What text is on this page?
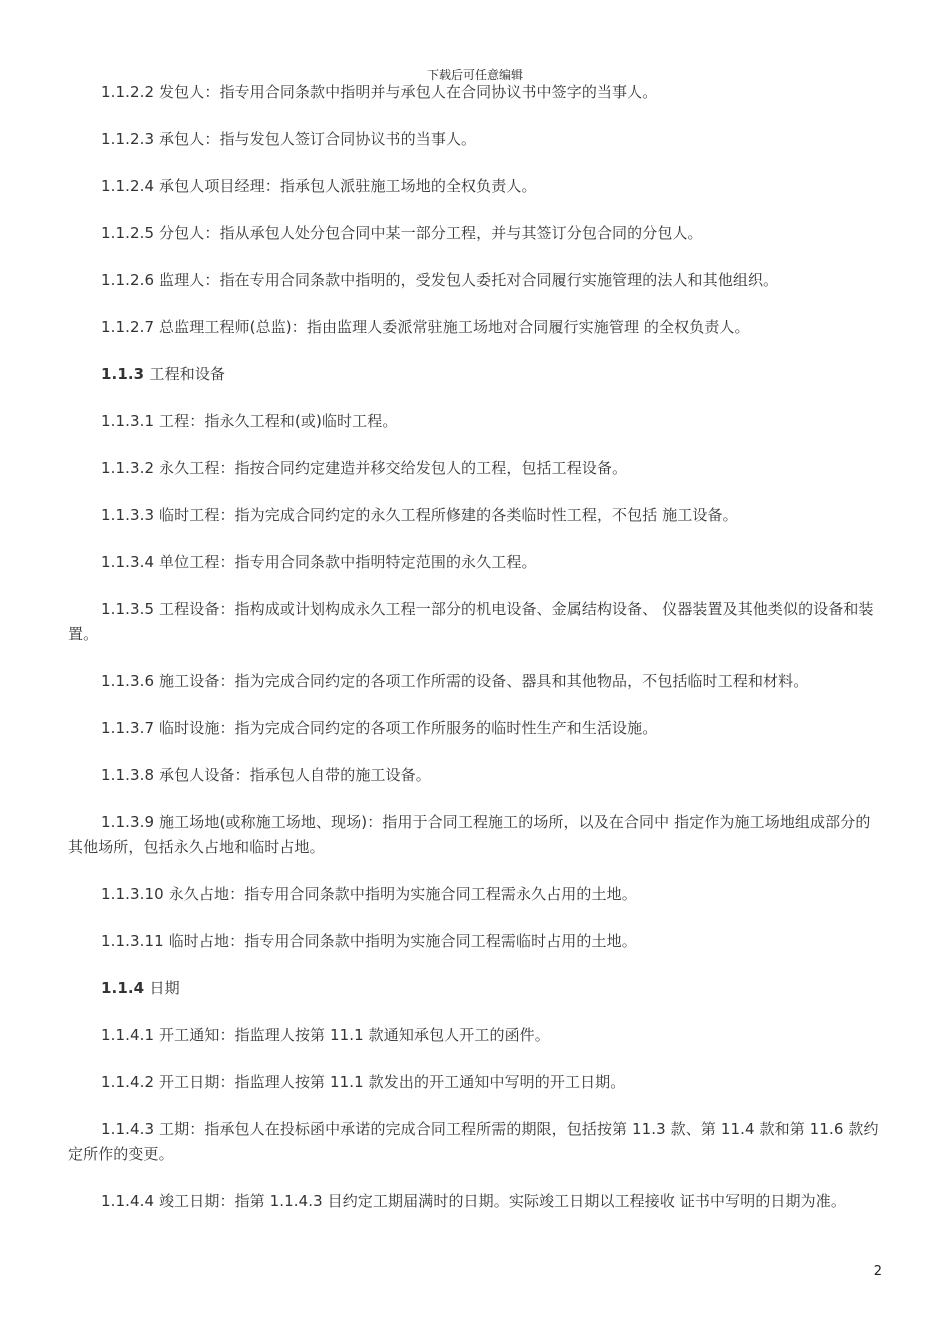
下载后可任意编辑

1.1.2.2 发包人：指专用合同条款中指明并与承包人在合同协议书中签字的当事人。

1.1.2.3 承包人：指与发包人签订合同协议书的当事人。

1.1.2.4 承包人项目经理：指承包人派驻施工场地的全权负责人。

1.1.2.5 分包人：指从承包人处分包合同中某一部分工程，并与其签订分包合同的分包人。

1.1.2.6 监理人：指在专用合同条款中指明的，受发包人委托对合同履行实施管理的法人和其他组织。

1.1.2.7 总监理工程师(总监)：指由监理人委派常驻施工场地对合同履行实施管理 的全权负责人。

1.1.3 工程和设备

1.1.3.1 工程：指永久工程和(或)临时工程。

1.1.3.2 永久工程：指按合同约定建造并移交给发包人的工程，包括工程设备。

1.1.3.3 临时工程：指为完成合同约定的永久工程所修建的各类临时性工程，不包括 施工设备。

1.1.3.4 单位工程：指专用合同条款中指明特定范围的永久工程。

1.1.3.5 工程设备：指构成或计划构成永久工程一部分的机电设备、金属结构设备、 仪器装置及其他类似的设备和装置。

1.1.3.6 施工设备：指为完成合同约定的各项工作所需的设备、器具和其他物品，不包括临时工程和材料。

1.1.3.7 临时设施：指为完成合同约定的各项工作所服务的临时性生产和生活设施。

1.1.3.8 承包人设备：指承包人自带的施工设备。

1.1.3.9 施工场地(或称施工场地、现场)：指用于合同工程施工的场所，以及在合同中 指定作为施工场地组成部分的其他场所，包括永久占地和临时占地。

1.1.3.10 永久占地：指专用合同条款中指明为实施合同工程需永久占用的土地。

1.1.3.11 临时占地：指专用合同条款中指明为实施合同工程需临时占用的土地。

1.1.4 日期

1.1.4.1 开工通知：指监理人按第 11.1 款通知承包人开工的函件。

1.1.4.2 开工日期：指监理人按第 11.1 款发出的开工通知中写明的开工日期。

1.1.4.3 工期：指承包人在投标函中承诺的完成合同工程所需的期限，包括按第 11.3 款、第 11.4 款和第 11.6 款约定所作的变更。

1.1.4.4 竣工日期：指第 1.1.4.3 目约定工期届满时的日期。实际竣工日期以工程接收 证书中写明的日期为准。

2
